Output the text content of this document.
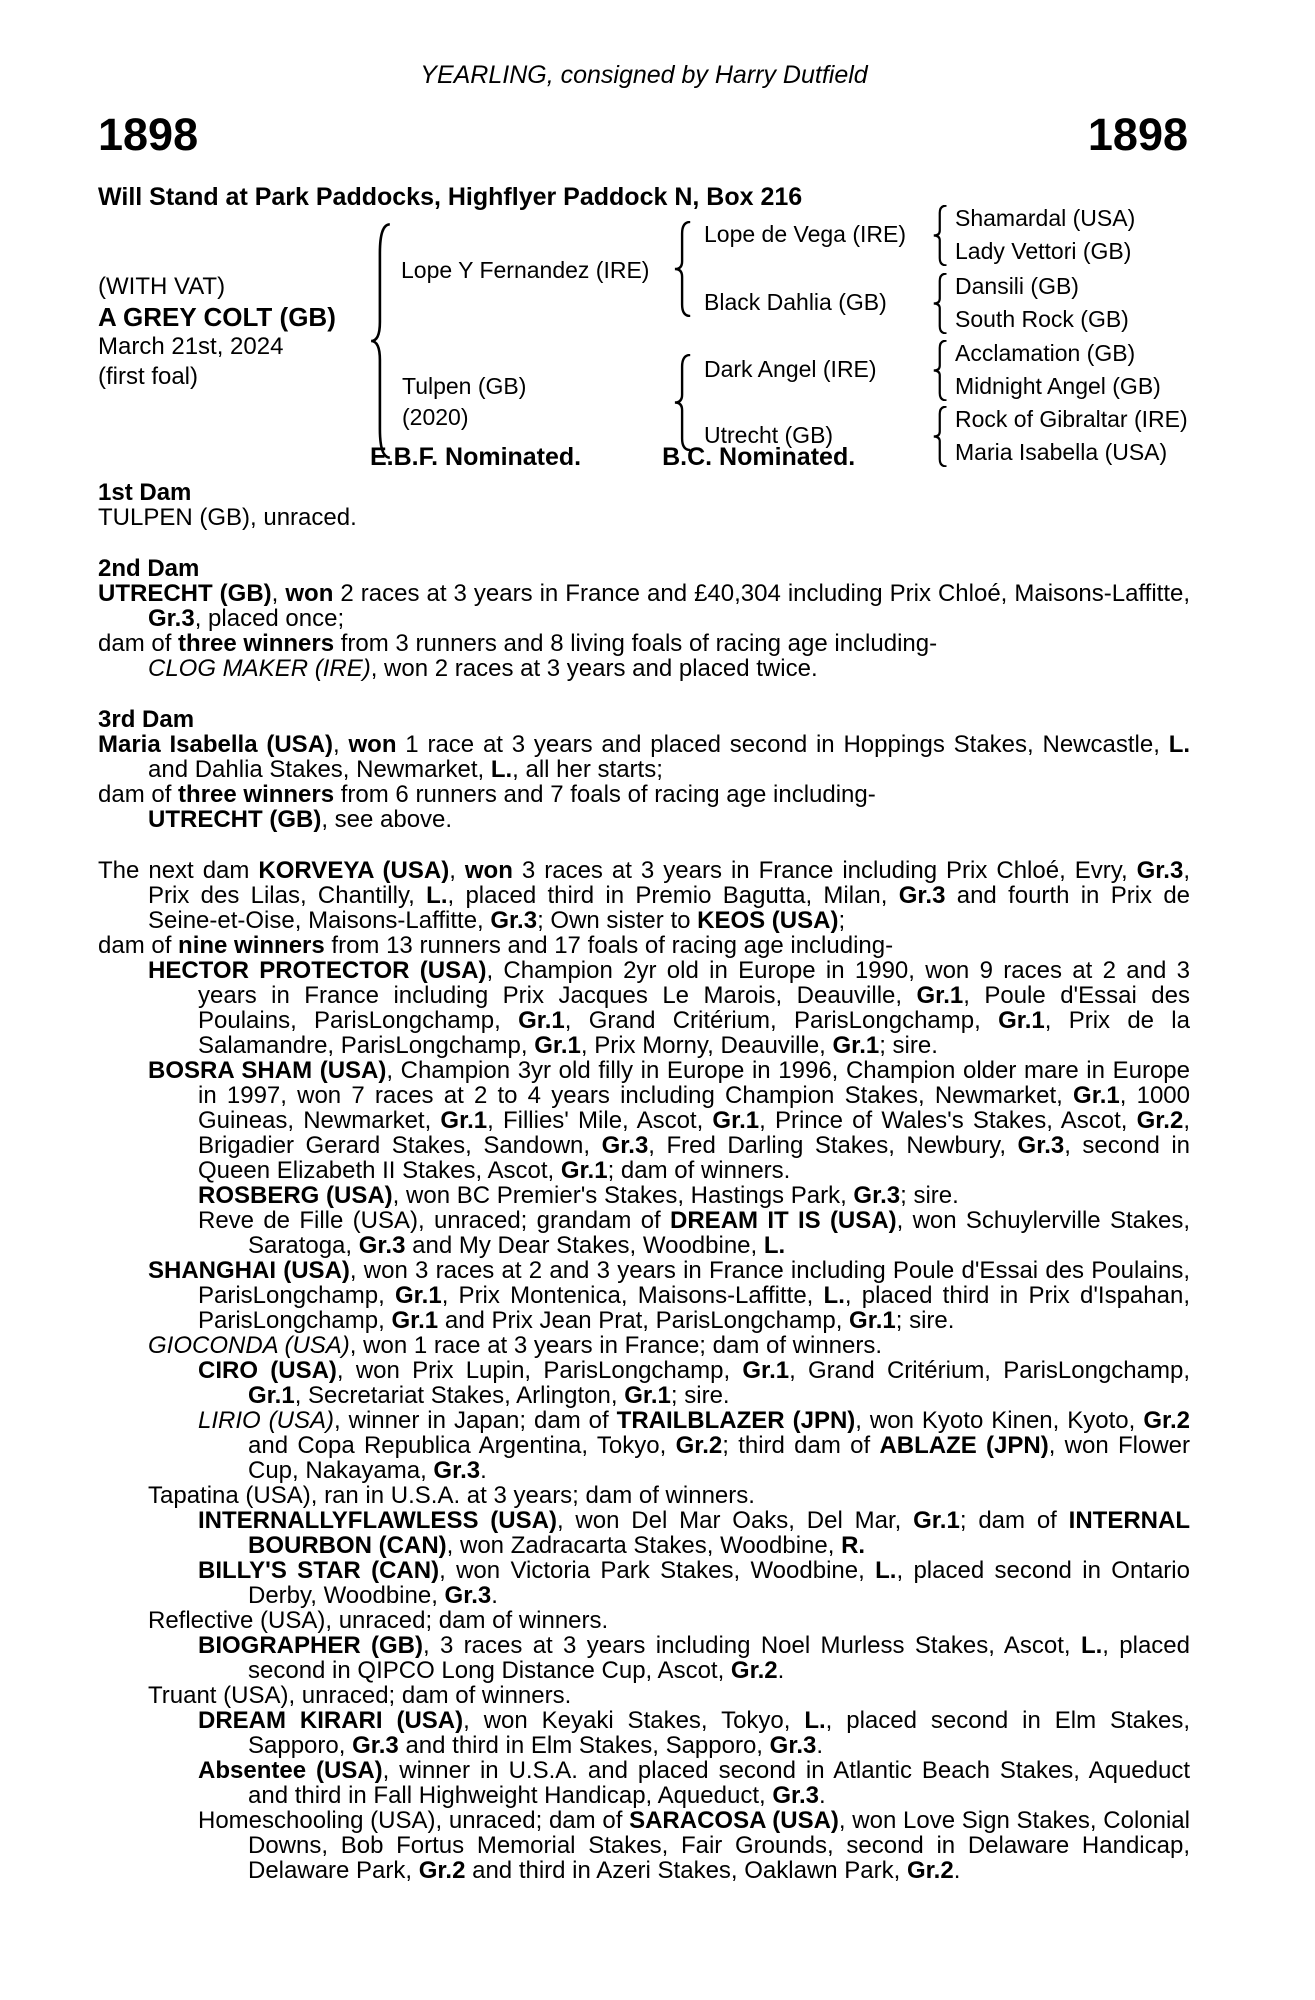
YEARLING, consigned by Harry Dutfield
1898	1898
Will Stand at Park Paddocks, Highflyer Paddock N, Box 216
(WITH VAT)
A GREY COLT (GB)
March 21st, 2024
(first foal)
Lope Y Fernandez (IRE)
Tulpen (GB)
(2020)
Lope de Vega (IRE)
Black Dahlia (GB)
Dark Angel (IRE)
Utrecht (GB)
Shamardal (USA)
Lady Vettori (GB)
Dansili (GB)
South Rock (GB)
Acclamation (GB)
Midnight Angel (GB)
Rock of Gibraltar (IRE)
Maria Isabella (USA)
E.B.F. Nominated.	B.C. Nominated.
1st Dam
TULPEN (GB), unraced.
2nd Dam
UTRECHT (GB), won 2 races at 3 years in France and £40,304 including Prix Chloé, Maisons-Laffitte, Gr.3, placed once;
dam of three winners from 3 runners and 8 living foals of racing age including-
CLOG MAKER (IRE), won 2 races at 3 years and placed twice.
3rd Dam
Maria Isabella (USA), won 1 race at 3 years and placed second in Hoppings Stakes, Newcastle, L. and Dahlia Stakes, Newmarket, L., all her starts;
dam of three winners from 6 runners and 7 foals of racing age including-
UTRECHT (GB), see above.
The next dam KORVEYA (USA), won 3 races at 3 years in France including Prix Chloé, Evry, Gr.3, Prix des Lilas, Chantilly, L., placed third in Premio Bagutta, Milan, Gr.3 and fourth in Prix de Seine-et-Oise, Maisons-Laffitte, Gr.3; Own sister to KEOS (USA);
dam of nine winners from 13 runners and 17 foals of racing age including-
HECTOR PROTECTOR (USA), Champion 2yr old in Europe in 1990, won 9 races at 2 and 3 years in France including Prix Jacques Le Marois, Deauville, Gr.1, Poule d'Essai des Poulains, ParisLongchamp, Gr.1, Grand Critérium, ParisLongchamp, Gr.1, Prix de la Salamandre, ParisLongchamp, Gr.1, Prix Morny, Deauville, Gr.1; sire.
BOSRA SHAM (USA), Champion 3yr old filly in Europe in 1996, Champion older mare in Europe in 1997, won 7 races at 2 to 4 years including Champion Stakes, Newmarket, Gr.1, 1000 Guineas, Newmarket, Gr.1, Fillies' Mile, Ascot, Gr.1, Prince of Wales's Stakes, Ascot, Gr.2, Brigadier Gerard Stakes, Sandown, Gr.3, Fred Darling Stakes, Newbury, Gr.3, second in Queen Elizabeth II Stakes, Ascot, Gr.1; dam of winners.
ROSBERG (USA), won BC Premier's Stakes, Hastings Park, Gr.3; sire.
Reve de Fille (USA), unraced; grandam of DREAM IT IS (USA), won Schuylerville Stakes, Saratoga, Gr.3 and My Dear Stakes, Woodbine, L.
SHANGHAI (USA), won 3 races at 2 and 3 years in France including Poule d'Essai des Poulains, ParisLongchamp, Gr.1, Prix Montenica, Maisons-Laffitte, L., placed third in Prix d'Ispahan, ParisLongchamp, Gr.1 and Prix Jean Prat, ParisLongchamp, Gr.1; sire.
GIOCONDA (USA), won 1 race at 3 years in France; dam of winners.
CIRO (USA), won Prix Lupin, ParisLongchamp, Gr.1, Grand Critérium, ParisLongchamp, Gr.1, Secretariat Stakes, Arlington, Gr.1; sire.
LIRIO (USA), winner in Japan; dam of TRAILBLAZER (JPN), won Kyoto Kinen, Kyoto, Gr.2 and Copa Republica Argentina, Tokyo, Gr.2; third dam of ABLAZE (JPN), won Flower Cup, Nakayama, Gr.3.
Tapatina (USA), ran in U.S.A. at 3 years; dam of winners.
INTERNALLYFLAWLESS (USA), won Del Mar Oaks, Del Mar, Gr.1; dam of INTERNAL BOURBON (CAN), won Zadracarta Stakes, Woodbine, R.
BILLY'S STAR (CAN), won Victoria Park Stakes, Woodbine, L., placed second in Ontario Derby, Woodbine, Gr.3.
Reflective (USA), unraced; dam of winners.
BIOGRAPHER (GB), 3 races at 3 years including Noel Murless Stakes, Ascot, L., placed second in QIPCO Long Distance Cup, Ascot, Gr.2.
Truant (USA), unraced; dam of winners.
DREAM KIRARI (USA), won Keyaki Stakes, Tokyo, L., placed second in Elm Stakes, Sapporo, Gr.3 and third in Elm Stakes, Sapporo, Gr.3.
Absentee (USA), winner in U.S.A. and placed second in Atlantic Beach Stakes, Aqueduct and third in Fall Highweight Handicap, Aqueduct, Gr.3.
Homeschooling (USA), unraced; dam of SARACOSA (USA), won Love Sign Stakes, Colonial Downs, Bob Fortus Memorial Stakes, Fair Grounds, second in Delaware Handicap, Delaware Park, Gr.2 and third in Azeri Stakes, Oaklawn Park, Gr.2.
